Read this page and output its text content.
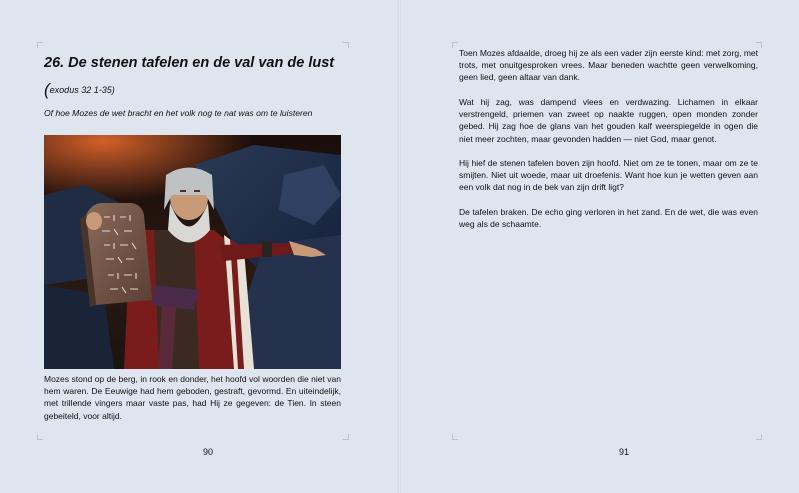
26. De stenen tafelen en de val van de lust

(exodus 32 1-35)

Of hoe Mozes de wet bracht en het volk nog te nat was om te luisteren

Mozes stond op de berg, in rook en donder, het hoofd vol woorden die niet van hem waren. De Eeuwige had hem geboden, gestraft, gevormd. En uiteindelijk, met trillende vingers maar vaste pas, had Hij ze gegeven: de Tien. In steen gebeiteld, voor altijd.

90

Toen Mozes afdaalde, droeg hij ze als een vader zijn eerste kind: met zorg, met trots, met onuitgesproken vrees. Maar beneden wachtte geen verwelkoming, geen lied, geen altaar van dank.

Wat hij zag, was dampend vlees en verdwazing. Lichamen in elkaar verstrengeld, priemen van zweet op naakte ruggen, open monden zonder gebed. Hij zag hoe de glans van het gouden kalf weerspiegelde in ogen die niet meer zochten, maar gevonden hadden — niet God, maar genot.

Hij hief de stenen tafelen boven zijn hoofd. Niet om ze te tonen, maar om ze te smijten. Niet uit woede, maar uit droefenis. Want hoe kun je wetten geven aan een volk dat nog in de bek van zijn drift ligt?

De tafelen braken. De echo ging verloren in het zand. En de wet, die was even weg als de schaamte.

91
